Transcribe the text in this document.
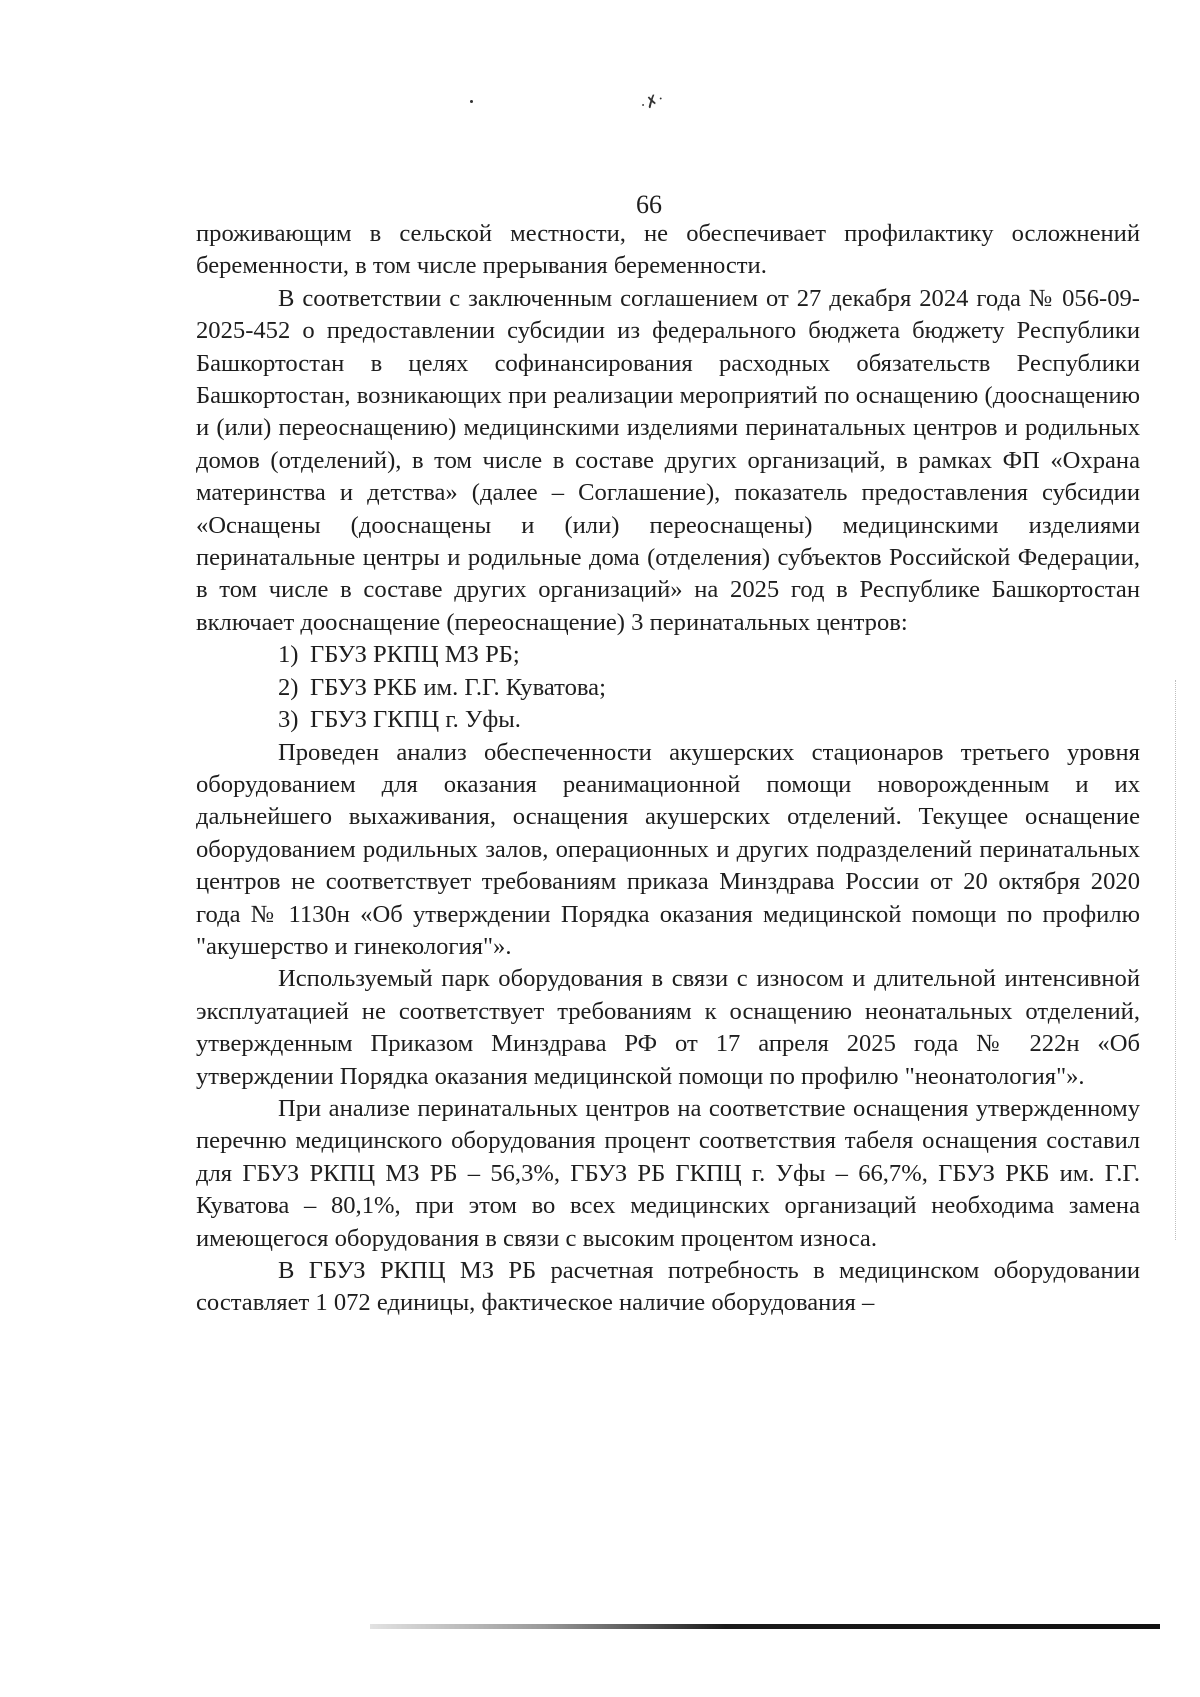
·✗·
66

проживающим в сельской местности, не обеспечивает профилактику осложнений беременности, в том числе прерывания беременности.

В соответствии с заключенным соглашением от 27 декабря 2024 года № 056-09-2025-452 о предоставлении субсидии из федерального бюджета бюджету Республики Башкортостан в целях софинансирования расходных обязательств Республики Башкортостан, возникающих при реализации мероприятий по оснащению (дооснащению и (или) переоснащению) медицинскими изделиями перинатальных центров и родильных домов (отделений), в том числе в составе других организаций, в рамках ФП «Охрана материнства и детства» (далее – Соглашение), показатель предоставления субсидии «Оснащены (дооснащены и (или) переоснащены) медицинскими изделиями перинатальные центры и родильные дома (отделения) субъектов Российской Федерации, в том числе в составе других организаций» на 2025 год в Республике Башкортостан включает дооснащение (переоснащение) 3 перинатальных центров:

1) ГБУЗ РКПЦ МЗ РБ;
2) ГБУЗ РКБ им. Г.Г. Куватова;
3) ГБУЗ ГКПЦ г. Уфы.

Проведен анализ обеспеченности акушерских стационаров третьего уровня оборудованием для оказания реанимационной помощи новорожденным и их дальнейшего выхаживания, оснащения акушерских отделений. Текущее оснащение оборудованием родильных залов, операционных и других подразделений перинатальных центров не соответствует требованиям приказа Минздрава России от 20 октября 2020 года № 1130н «Об утверждении Порядка оказания медицинской помощи по профилю "акушерство и гинекология"».

Используемый парк оборудования в связи с износом и длительной интенсивной эксплуатацией не соответствует требованиям к оснащению неонатальных отделений, утвержденным Приказом Минздрава РФ от 17 апреля 2025 года № 222н «Об утверждении Порядка оказания медицинской помощи по профилю "неонатология"».

При анализе перинатальных центров на соответствие оснащения утвержденному перечню медицинского оборудования процент соответствия табеля оснащения составил для ГБУЗ РКПЦ МЗ РБ – 56,3%, ГБУЗ РБ ГКПЦ г. Уфы – 66,7%, ГБУЗ РКБ им. Г.Г. Куватова – 80,1%, при этом во всех медицинских организаций необходима замена имеющегося оборудования в связи с высоким процентом износа.

В ГБУЗ РКПЦ МЗ РБ расчетная потребность в медицинском оборудовании составляет 1 072 единицы, фактическое наличие оборудования –
